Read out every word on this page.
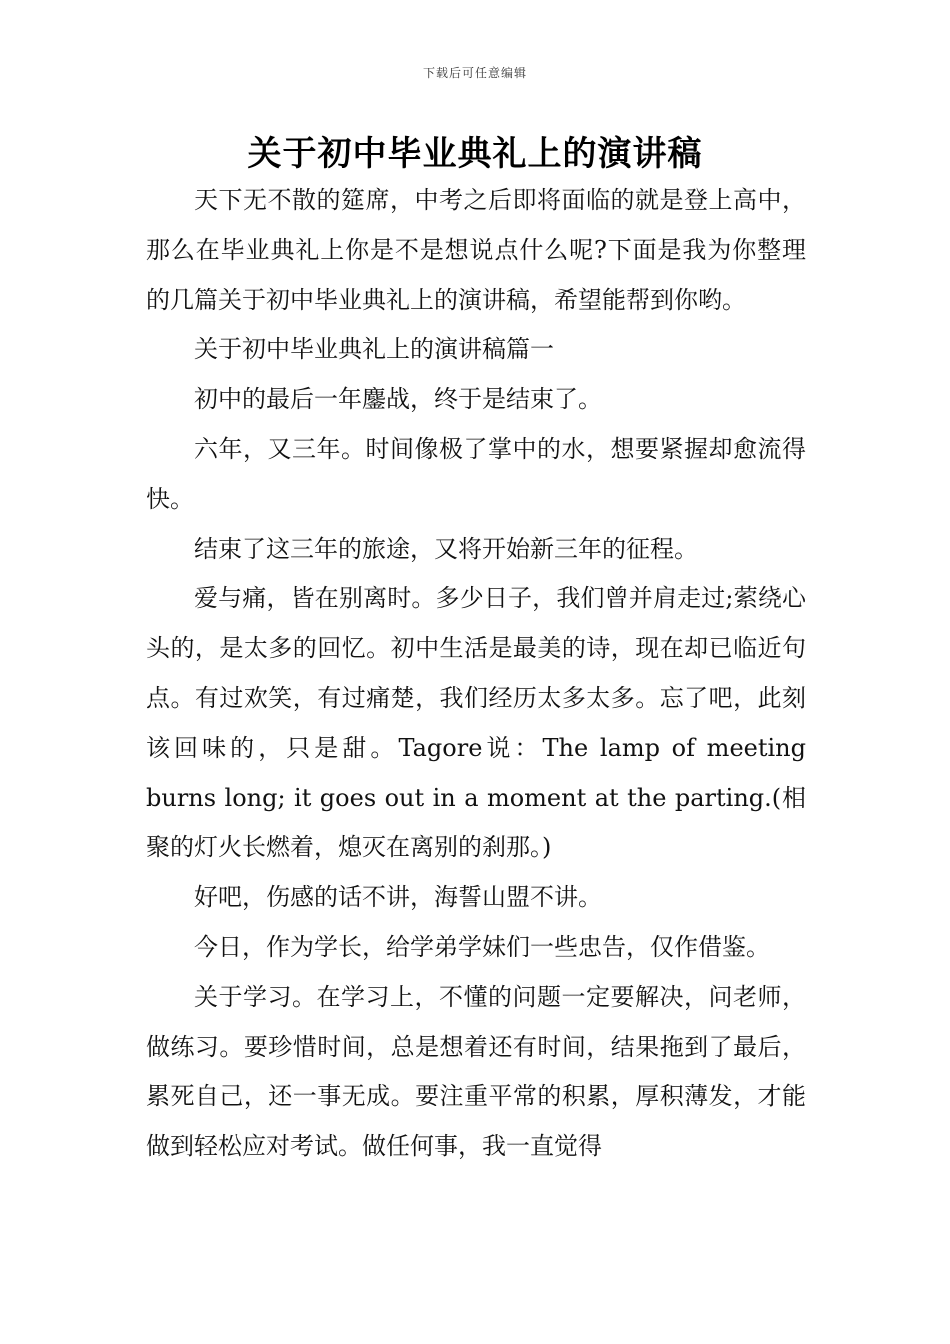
下载后可任意编辑
关于初中毕业典礼上的演讲稿

天下无不散的筵席，中考之后即将面临的就是登上高中，那么在毕业典礼上你是不是想说点什么呢?下面是我为你整理的几篇关于初中毕业典礼上的演讲稿，希望能帮到你哟。

关于初中毕业典礼上的演讲稿篇一

初中的最后一年鏖战，终于是结束了。

六年，又三年。时间像极了掌中的水，想要紧握却愈流得快。

结束了这三年的旅途，又将开始新三年的征程。

爱与痛，皆在别离时。多少日子，我们曾并肩走过;萦绕心头的，是太多的回忆。初中生活是最美的诗，现在却已临近句点。有过欢笑，有过痛楚，我们经历太多太多。忘了吧，此刻该回味的，只是甜。Tagore说：The lamp of meeting burns long; it goes out in a moment at the parting.(相聚的灯火长燃着，熄灭在离别的刹那。)

好吧，伤感的话不讲，海誓山盟不讲。

今日，作为学长，给学弟学妹们一些忠告，仅作借鉴。

关于学习。在学习上，不懂的问题一定要解决，问老师，做练习。要珍惜时间，总是想着还有时间，结果拖到了最后，累死自己，还一事无成。要注重平常的积累，厚积薄发，才能做到轻松应对考试。做任何事，我一直觉得
